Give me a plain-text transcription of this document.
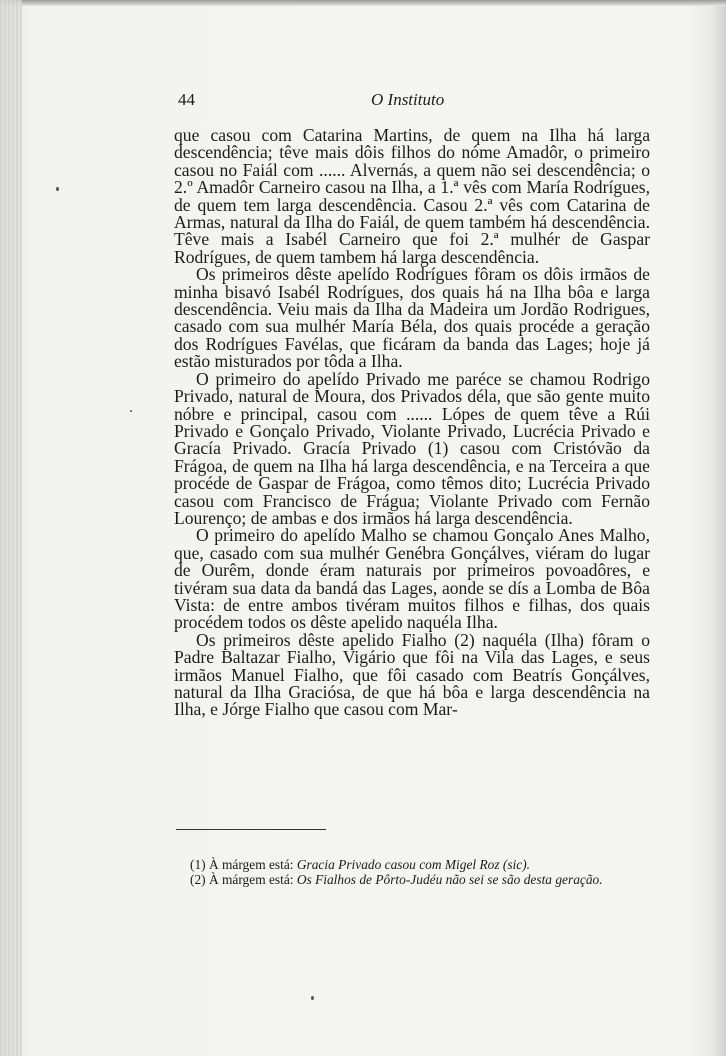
44	O Instituto

que casou com Catarina Martins, de quem na Ilha há larga descendência; têve mais dôis filhos do nóme Amadôr, o primeiro casou no Faiál com ...... Alvernás, a quem não sei descendência; o 2.º Amadôr Carneiro casou na Ilha, a 1.ª vês com María Rodrígues, de quem tem larga descendência. Casou 2.ª vês com Catarina de Armas, natural da Ilha do Faiál, de quem também há descendência. Têve mais a Isabél Carneiro que foi 2.ª mulhér de Gaspar Rodrígues, de quem tambem há larga descendência.

Os primeiros dêste apelído Rodrígues fôram os dôis irmãos de minha bisavó Isabél Rodrígues, dos quais há na Ilha bôa e larga descendência. Veiu mais da Ilha da Madeira um Jordão Rodrigues, casado com sua mulhér María Béla, dos quais procéde a geração dos Rodrígues Favélas, que ficáram da banda das Lages; hoje já estão misturados por tôda a Ilha.

O primeiro do apelído Privado me paréce se chamou Rodrigo Privado, natural de Moura, dos Privados déla, que são gente muito nóbre e principal, casou com ...... Lópes de quem têve a Rúi Privado e Gonçalo Privado, Violante Privado, Lucrécia Privado e Gracía Privado. Gracía Privado (1) casou com Cristóvão da Frágoa, de quem na Ilha há larga descendência, e na Terceira a que procéde de Gaspar de Frágoa, como têmos dito; Lucrécia Privado casou com Francisco de Frágua; Violante Privado com Fernão Lourenço; de ambas e dos irmãos há larga descendência.

O primeiro do apelído Malho se chamou Gonçalo Anes Malho, que, casado com sua mulhér Genébra Gonçálves, viéram do lugar de Ourêm, donde éram naturais por primeiros povoadôres, e tivéram sua data da bandá das Lages, aonde se dís a Lomba de Bôa Vista: de entre ambos tivéram muitos filhos e filhas, dos quais procédem todos os dêste apelido naquéla Ilha.

Os primeiros dêste apelido Fialho (2) naquéla (Ilha) fôram o Padre Baltazar Fialho, Vigário que fôi na Vila das Lages, e seus irmãos Manuel Fialho, que fôi casado com Beatrís Gonçálves, natural da Ilha Graciósa, de que há bôa e larga descendência na Ilha, e Jórge Fialho que casou com Mar-

(1) À márgem está: Gracia Privado casou com Migel Roz (sic).

(2) À márgem está: Os Fialhos de Pôrto-Judéu não sei se são desta geração.
